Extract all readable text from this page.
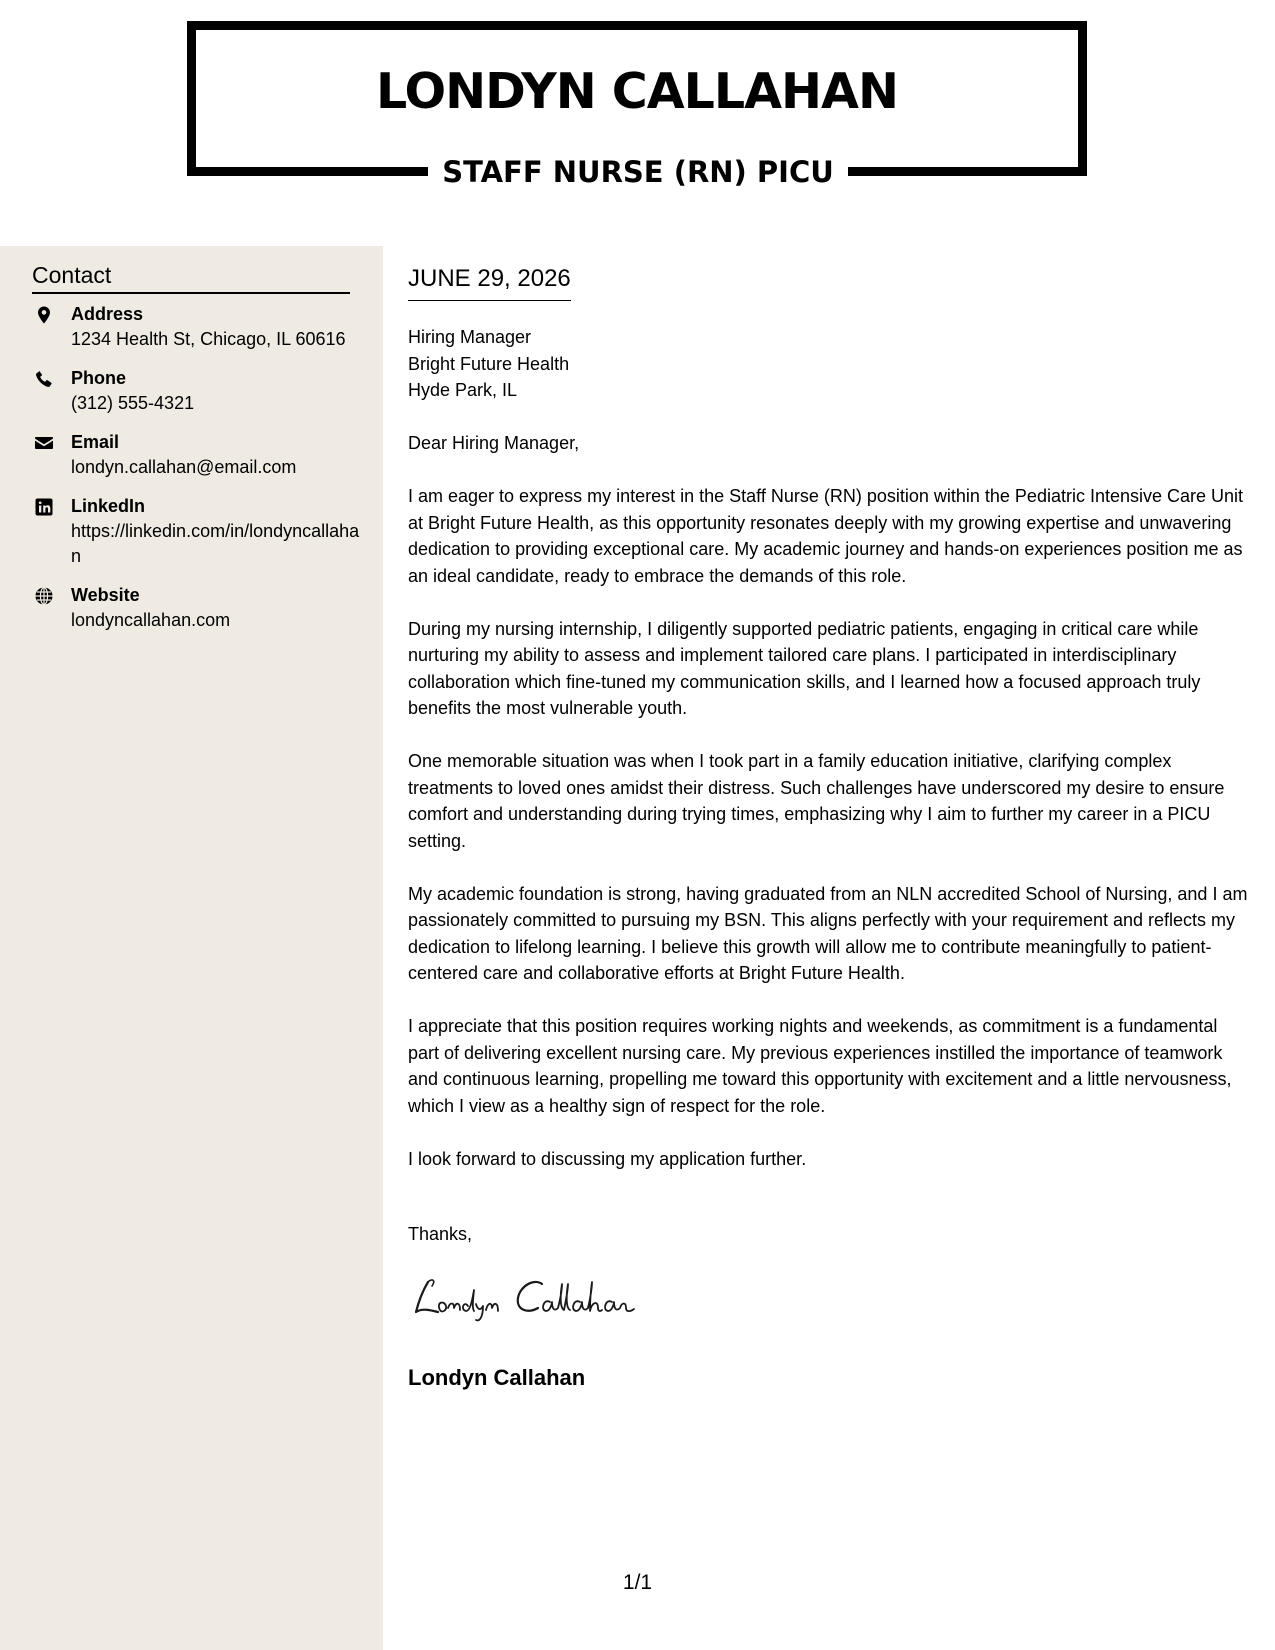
LONDYN CALLAHAN
STAFF NURSE (RN) PICU
Contact
Address
1234 Health St, Chicago, IL 60616
Phone
(312) 555-4321
Email
londyn.callahan@email.com
LinkedIn
https://linkedin.com/in/londyncallahan
Website
londyncallahan.com
JUNE 29, 2026
Hiring Manager
Bright Future Health
Hyde Park, IL
Dear Hiring Manager,

I am eager to express my interest in the Staff Nurse (RN) position within the Pediatric Intensive Care Unit at Bright Future Health, as this opportunity resonates deeply with my growing expertise and unwavering dedication to providing exceptional care. My academic journey and hands-on experiences position me as an ideal candidate, ready to embrace the demands of this role.

During my nursing internship, I diligently supported pediatric patients, engaging in critical care while nurturing my ability to assess and implement tailored care plans. I participated in interdisciplinary collaboration which fine-tuned my communication skills, and I learned how a focused approach truly benefits the most vulnerable youth.

One memorable situation was when I took part in a family education initiative, clarifying complex treatments to loved ones amidst their distress. Such challenges have underscored my desire to ensure comfort and understanding during trying times, emphasizing why I aim to further my career in a PICU setting.

My academic foundation is strong, having graduated from an NLN accredited School of Nursing, and I am passionately committed to pursuing my BSN. This aligns perfectly with your requirement and reflects my dedication to lifelong learning. I believe this growth will allow me to contribute meaningfully to patient-centered care and collaborative efforts at Bright Future Health.

I appreciate that this position requires working nights and weekends, as commitment is a fundamental part of delivering excellent nursing care. My previous experiences instilled the importance of teamwork and continuous learning, propelling me toward this opportunity with excitement and a little nervousness, which I view as a healthy sign of respect for the role.

I look forward to discussing my application further.

Thanks,
Londyn Callahan
1/1
